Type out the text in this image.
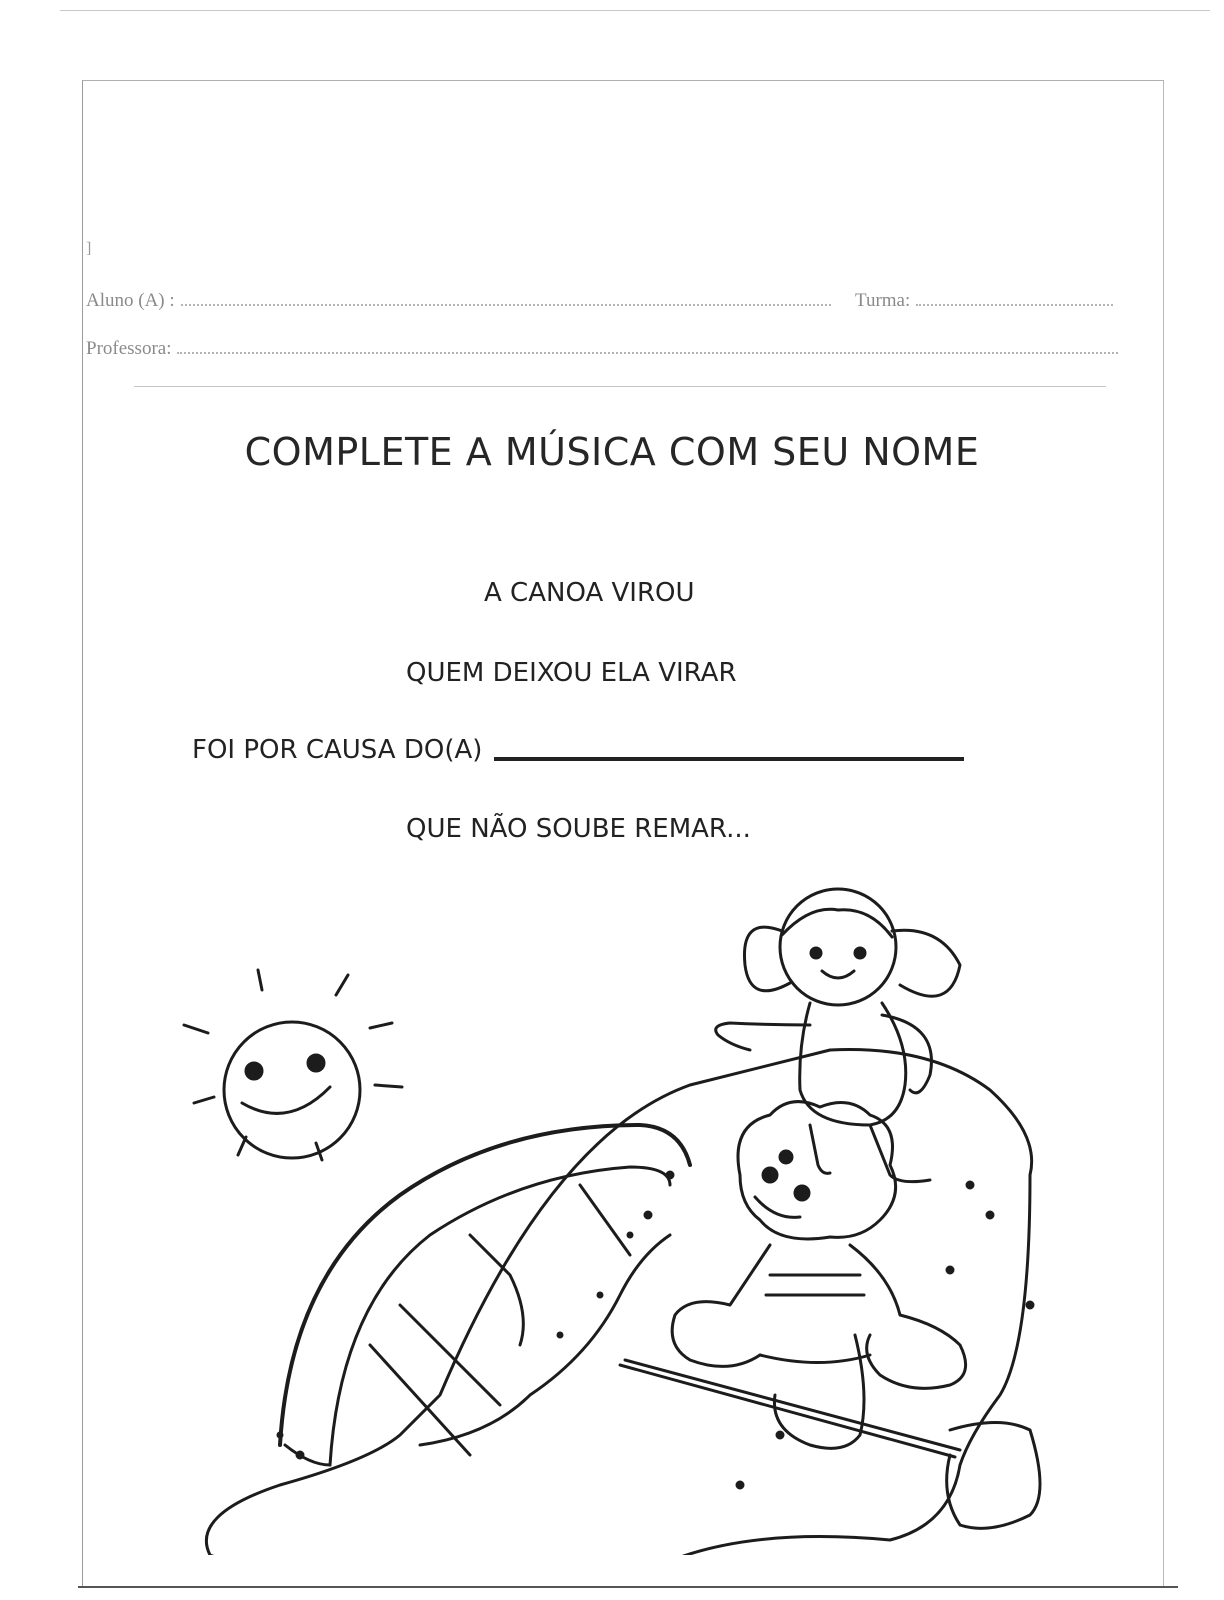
]
Aluno (A) :	Turma:
Professora:
COMPLETE A MÚSICA COM SEU NOME
A CANOA VIROU
QUEM DEIXOU ELA VIRAR
FOI POR CAUSA DO(A)
QUE NÃO SOUBE REMAR...
